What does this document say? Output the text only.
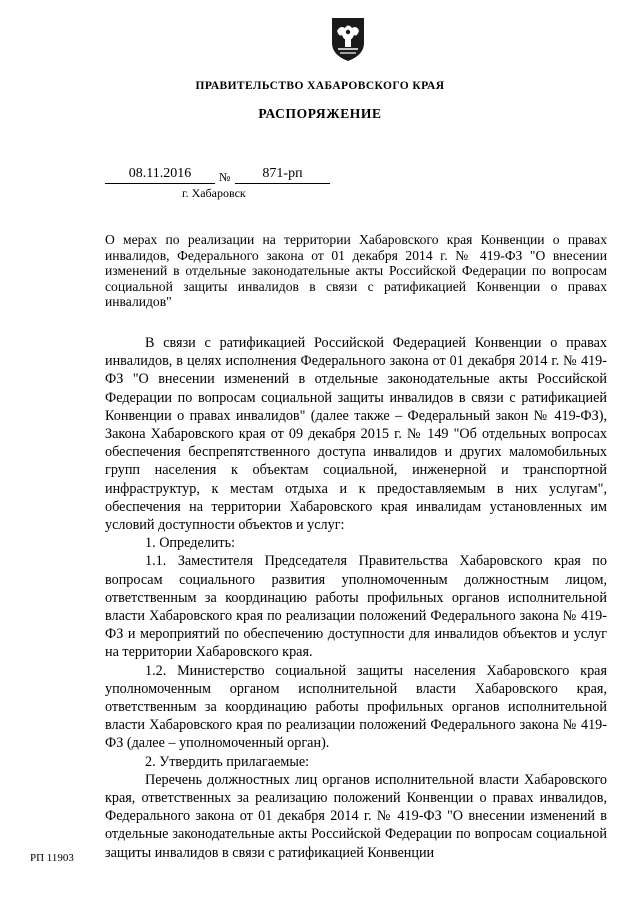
ПРАВИТЕЛЬСТВО ХАБАРОВСКОГО КРАЯ
РАСПОРЯЖЕНИЕ
08.11.2016	№	871-рп
г. Хабаровск
О мерах по реализации на территории Хабаровского края Конвенции о правах инвалидов, Федерального закона от 01 декабря 2014 г. № 419-ФЗ "О внесении изменений в отдельные законодательные акты Российской Федерации по вопросам социальной защиты инвалидов в связи с ратификацией Конвенции о правах инвалидов"

В связи с ратификацией Российской Федерацией Конвенции о правах инвалидов, в целях исполнения Федерального закона от 01 декабря 2014 г. № 419-ФЗ "О внесении изменений в отдельные законодательные акты Российской Федерации по вопросам социальной защиты инвалидов в связи с ратификацией Конвенции о правах инвалидов" (далее также – Федеральный закон № 419-ФЗ), Закона Хабаровского края от 09 декабря 2015 г. № 149 "Об отдельных вопросах обеспечения беспрепятственного доступа инвалидов и других маломобильных групп населения к объектам социальной, инженерной и транспортной инфраструктур, к местам отдыха и к предоставляемым в них услугам", обеспечения на территории Хабаровского края инвалидам установленных им условий доступности объектов и услуг:

1. Определить:

1.1. Заместителя Председателя Правительства Хабаровского края по вопросам социального развития уполномоченным должностным лицом, ответственным за координацию работы профильных органов исполнительной власти Хабаровского края по реализации положений Федерального закона № 419-ФЗ и мероприятий по обеспечению доступности для инвалидов объектов и услуг на территории Хабаровского края.

1.2. Министерство социальной защиты населения Хабаровского края уполномоченным органом исполнительной власти Хабаровского края, ответственным за координацию работы профильных органов исполнительной власти Хабаровского края по реализации положений Федерального закона № 419-ФЗ (далее – уполномоченный орган).

2. Утвердить прилагаемые:

Перечень должностных лиц органов исполнительной власти Хабаровского края, ответственных за реализацию положений Конвенции о правах инвалидов, Федерального закона от 01 декабря 2014 г. № 419-ФЗ "О внесении изменений в отдельные законодательные акты Российской Федерации по вопросам социальной защиты инвалидов в связи с ратификацией Конвенции

РП 11903
